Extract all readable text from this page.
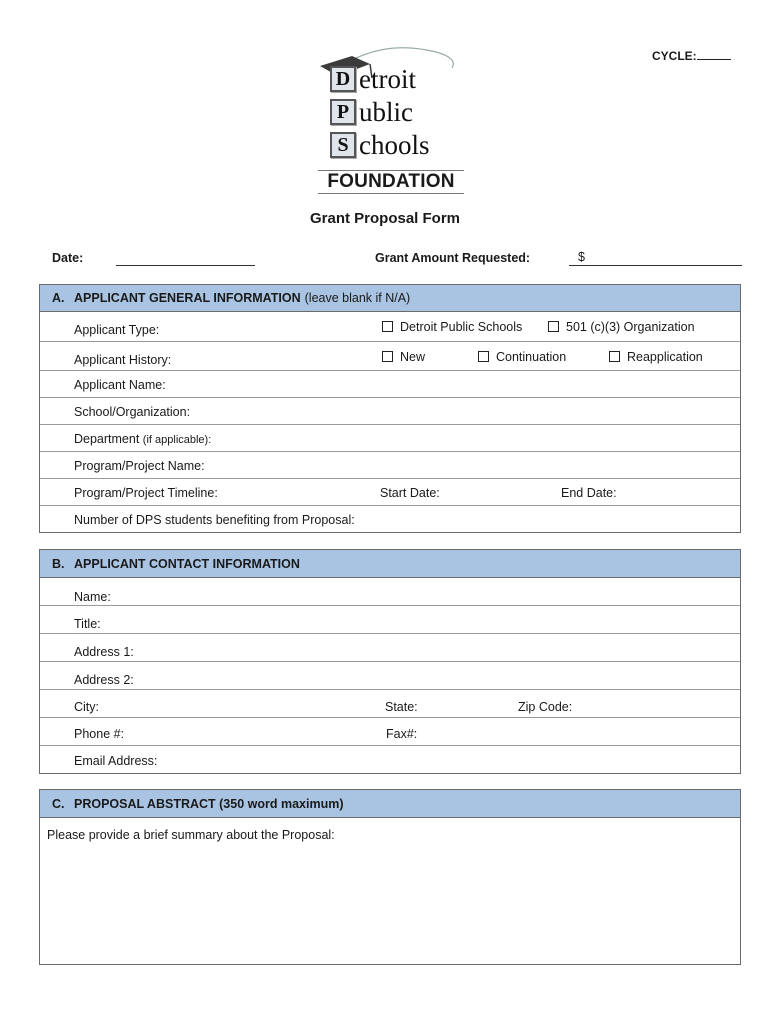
CYCLE:
D etroit
P ublic
S chools
FOUNDATION
Grant Proposal Form
Date:	Grant Amount Requested:	$
A. APPLICANT GENERAL INFORMATION (leave blank if N/A)
Applicant Type:	Detroit Public Schools	501 (c)(3) Organization
Applicant History:	New	Continuation	Reapplication
Applicant Name:
School/Organization:
Department (if applicable):
Program/Project Name:
Program/Project Timeline:	Start Date:	End Date:
Number of DPS students benefiting from Proposal:
B. APPLICANT CONTACT INFORMATION
Name:
Title:
Address 1:
Address 2:
City:	State:	Zip Code:
Phone #:	Fax#:
Email Address:
C. PROPOSAL ABSTRACT (350 word maximum)
Please provide a brief summary about the Proposal:
